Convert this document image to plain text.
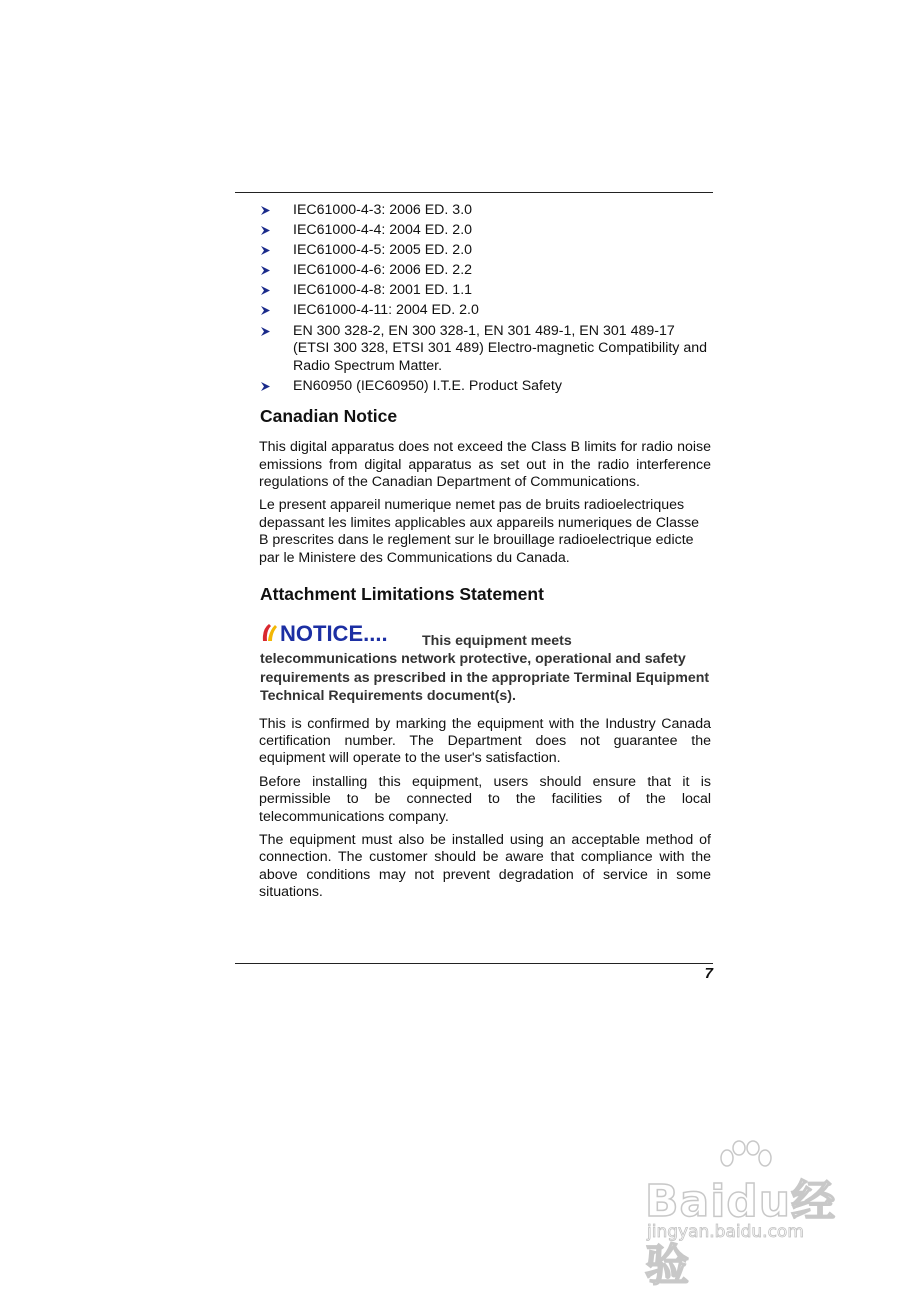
IEC61000-4-3: 2006 ED. 3.0
IEC61000-4-4: 2004 ED. 2.0
IEC61000-4-5: 2005 ED. 2.0
IEC61000-4-6: 2006 ED. 2.2
IEC61000-4-8: 2001 ED. 1.1
IEC61000-4-11: 2004 ED. 2.0
EN 300 328-2, EN 300 328-1, EN 301 489-1, EN 301 489-17 (ETSI 300 328, ETSI 301 489) Electro-magnetic Compatibility and Radio Spectrum Matter.
EN60950 (IEC60950) I.T.E. Product Safety
Canadian Notice

This digital apparatus does not exceed the Class B limits for radio noise emissions from digital apparatus as set out in the radio interference regulations of the Canadian Department of Communications.

Le present appareil numerique nemet pas de bruits radioelectriques depassant les limites applicables aux appareils numeriques de Classe B prescrites dans le reglement sur le brouillage radioelectrique edicte par le Ministere des Communications du Canada.

Attachment Limitations Statement
NOTICE.... This equipment meets telecommunications network protective, operational and safety requirements as prescribed in the appropriate Terminal Equipment Technical Requirements document(s).

This is confirmed by marking the equipment with the Industry Canada certification number. The Department does not guarantee the equipment will operate to the user's satisfaction.

Before installing this equipment, users should ensure that it is permissible to be connected to the facilities of the local telecommunications company.

The equipment must also be installed using an acceptable method of connection. The customer should be aware that compliance with the above conditions may not prevent degradation of service in some situations.

7
Baidu经验
jingyan.baidu.com
